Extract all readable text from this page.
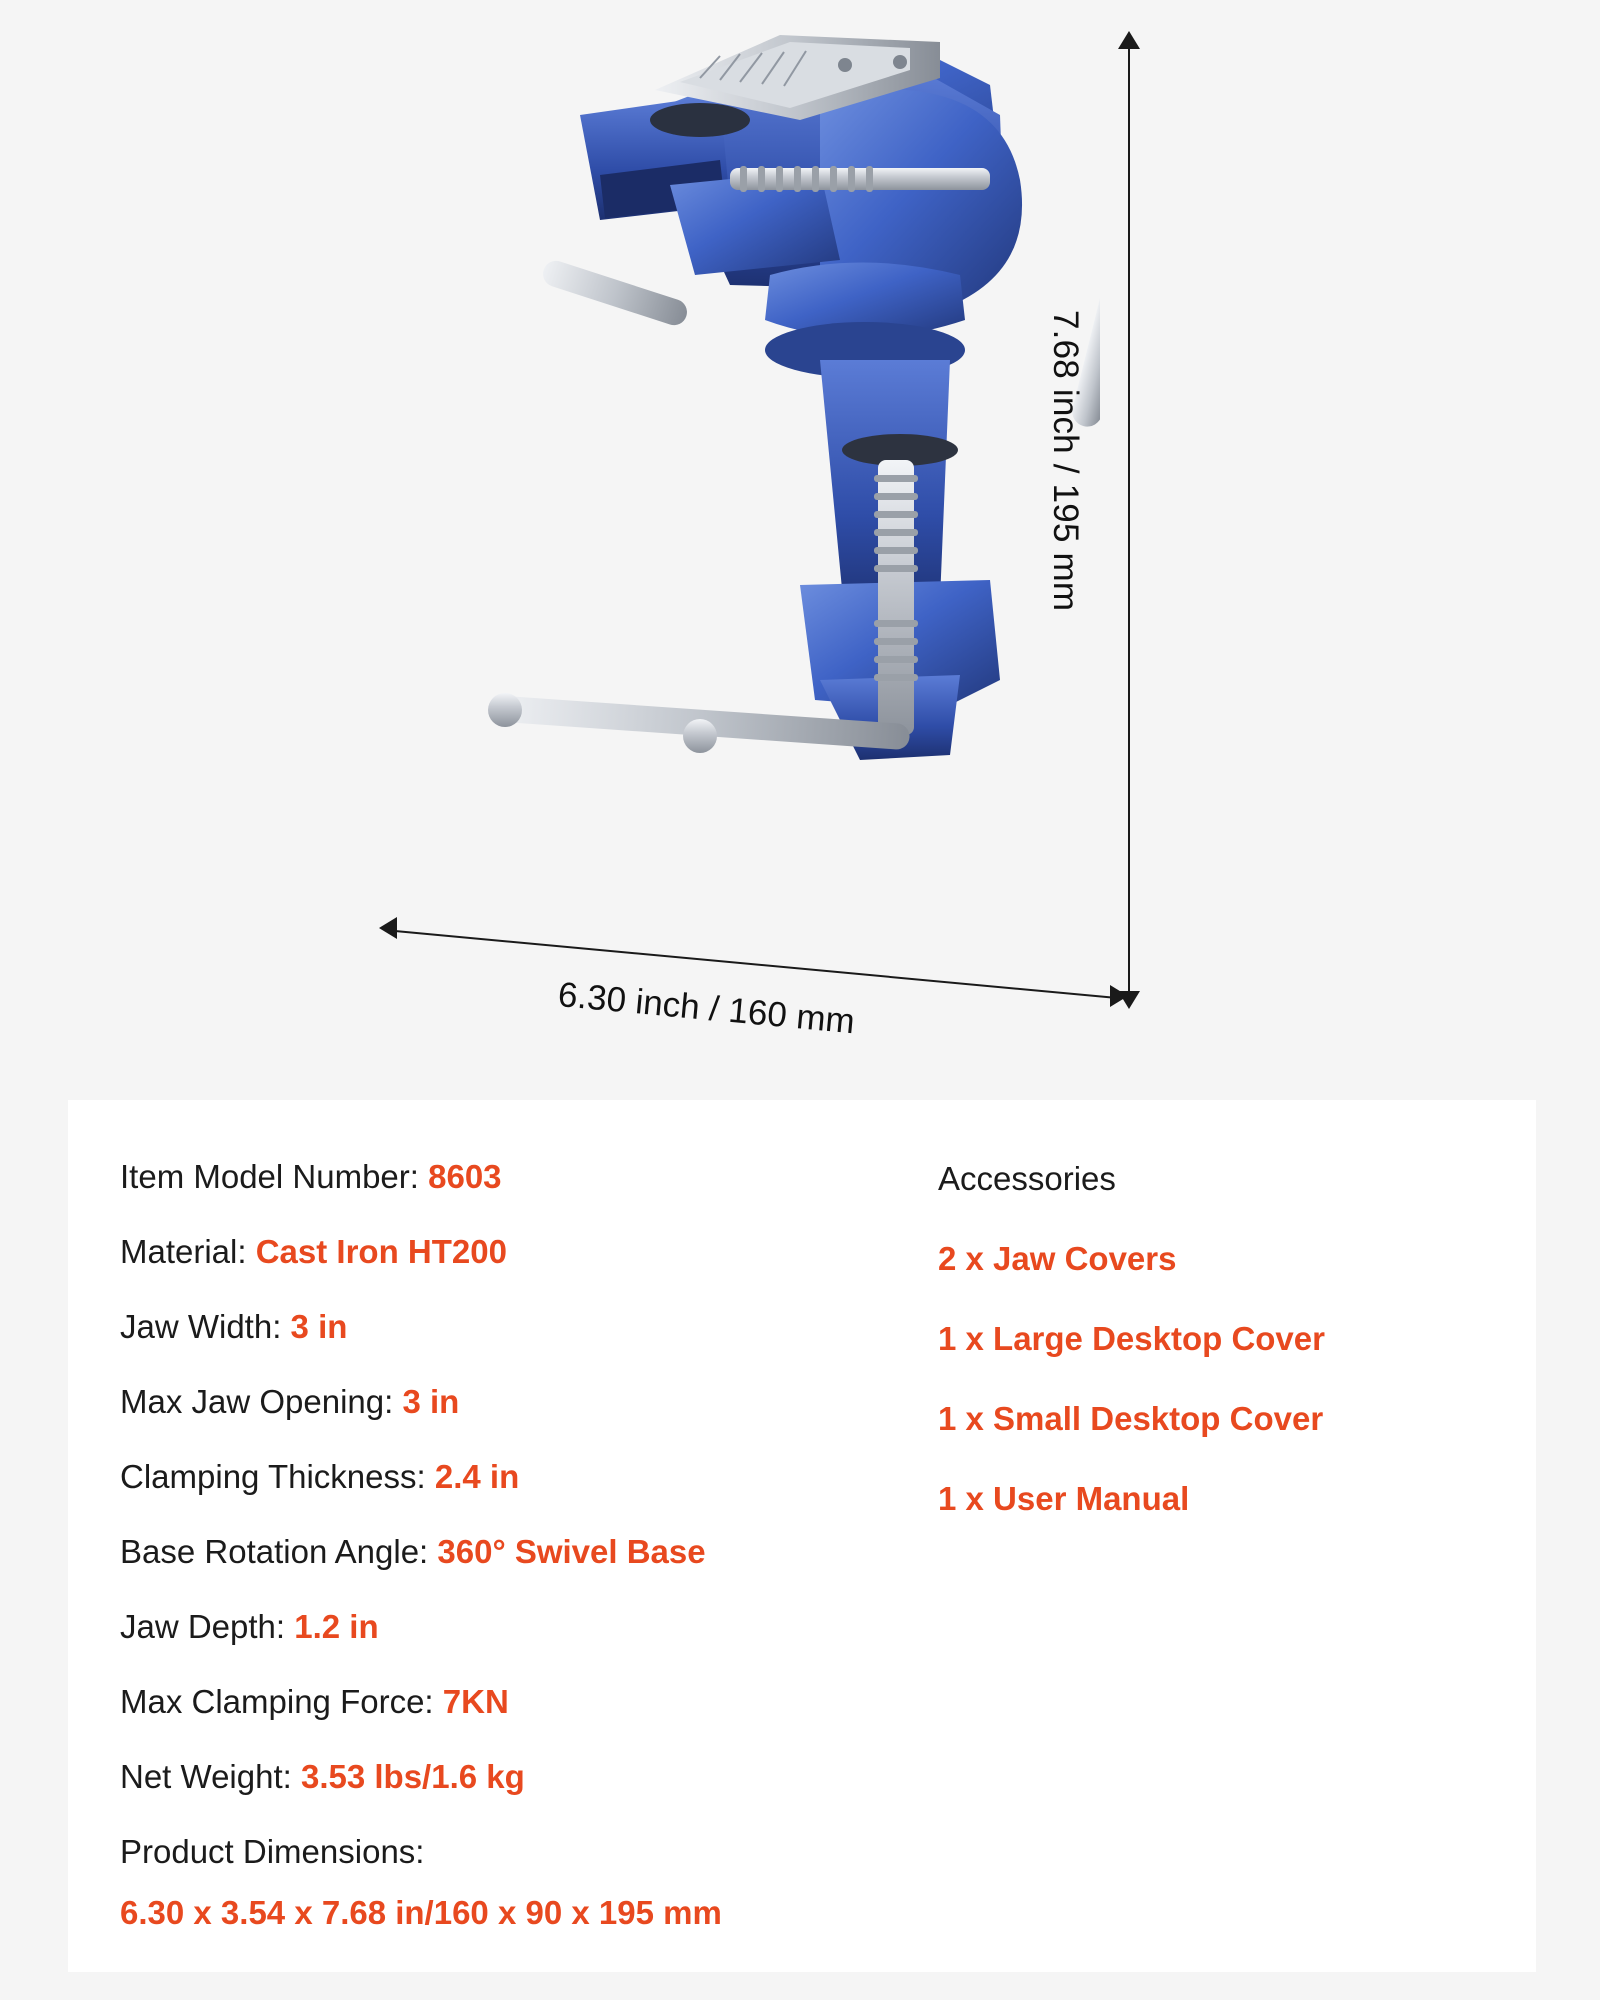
7.68 inch / 195 mm
6.30 inch / 160 mm
Item Model Number: 8603
Material: Cast Iron HT200
Jaw Width: 3 in
Max Jaw Opening: 3 in
Clamping Thickness: 2.4 in
Base Rotation Angle: 360° Swivel Base
Jaw Depth: 1.2 in
Max Clamping Force: 7KN
Net Weight: 3.53 lbs/1.6 kg
Product Dimensions:
6.30 x 3.54 x 7.68 in/160 x 90 x 195 mm
Accessories
2 x Jaw Covers
1 x Large Desktop Cover
1 x Small Desktop Cover
1 x User Manual
